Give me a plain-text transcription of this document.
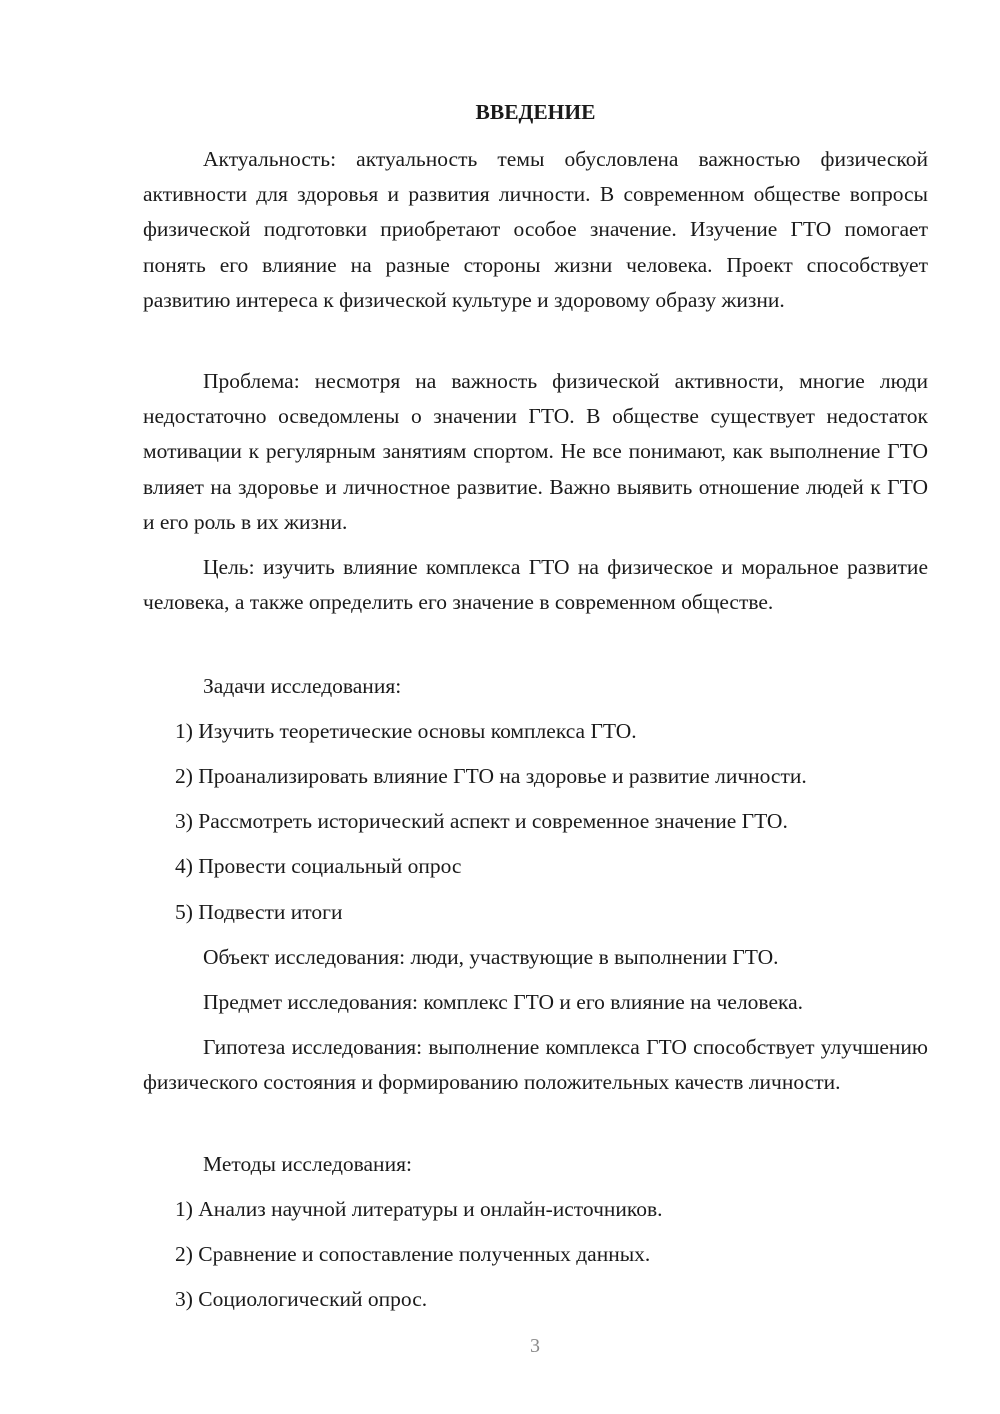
ВВЕДЕНИЕ

Актуальность: актуальность темы обусловлена важностью физической активности для здоровья и развития личности. В современном обществе вопросы физической подготовки приобретают особое значение. Изучение ГТО помогает понять его влияние на разные стороны жизни человека. Проект способствует развитию интереса к физической культуре и здоровому образу жизни.

Проблема: несмотря на важность физической активности, многие люди недостаточно осведомлены о значении ГТО. В обществе существует недостаток мотивации к регулярным занятиям спортом. Не все понимают, как выполнение ГТО влияет на здоровье и личностное развитие. Важно выявить отношение людей к ГТО и его роль в их жизни.

Цель: изучить влияние комплекса ГТО на физическое и моральное развитие человека, а также определить его значение в современном обществе.

Задачи исследования:

1) Изучить теоретические основы комплекса ГТО.

2) Проанализировать влияние ГТО на здоровье и развитие личности.

3) Рассмотреть исторический аспект и современное значение ГТО.

4) Провести социальный опрос

5) Подвести итоги

Объект исследования: люди, участвующие в выполнении ГТО.

Предмет исследования: комплекс ГТО и его влияние на человека.

Гипотеза исследования: выполнение комплекса ГТО способствует улучшению физического состояния и формированию положительных качеств личности.

Методы исследования:

1) Анализ научной литературы и онлайн-источников.

2) Сравнение и сопоставление полученных данных.

3) Социологический опрос.

3
